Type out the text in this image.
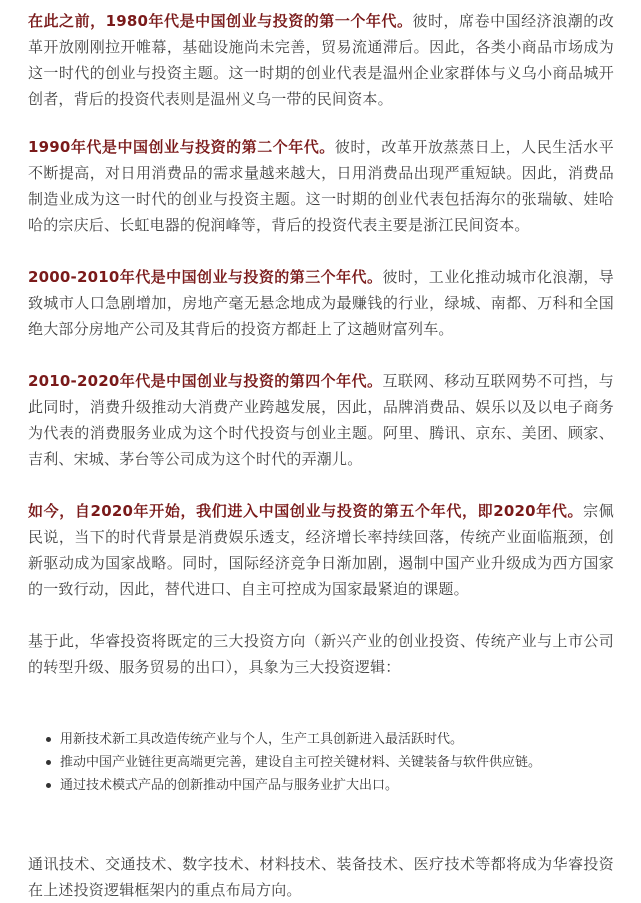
在此之前，1980年代是中国创业与投资的第一个年代。彼时，席卷中国经济浪潮的改革开放刚刚拉开帷幕，基础设施尚未完善，贸易流通滞后。因此，各类小商品市场成为这一时代的创业与投资主题。这一时期的创业代表是温州企业家群体与义乌小商品城开创者，背后的投资代表则是温州义乌一带的民间资本。

1990年代是中国创业与投资的第二个年代。彼时，改革开放蒸蒸日上，人民生活水平不断提高，对日用消费品的需求量越来越大，日用消费品出现严重短缺。因此，消费品制造业成为这一时代的创业与投资主题。这一时期的创业代表包括海尔的张瑞敏、娃哈哈的宗庆后、长虹电器的倪润峰等，背后的投资代表主要是浙江民间资本。

2000-2010年代是中国创业与投资的第三个年代。彼时，工业化推动城市化浪潮，导致城市人口急剧增加，房地产毫无悬念地成为最赚钱的行业，绿城、南都、万科和全国绝大部分房地产公司及其背后的投资方都赶上了这趟财富列车。

2010-2020年代是中国创业与投资的第四个年代。互联网、移动互联网势不可挡，与此同时，消费升级推动大消费产业跨越发展，因此，品牌消费品、娱乐以及以电子商务为代表的消费服务业成为这个时代投资与创业主题。阿里、腾讯、京东、美团、顾家、吉利、宋城、茅台等公司成为这个时代的弄潮儿。

如今，自2020年开始，我们进入中国创业与投资的第五个年代，即2020年代。宗佩民说，当下的时代背景是消费娱乐透支，经济增长率持续回落，传统产业面临瓶颈，创新驱动成为国家战略。同时，国际经济竞争日渐加剧，遏制中国产业升级成为西方国家的一致行动，因此，替代进口、自主可控成为国家最紧迫的课题。

基于此，华睿投资将既定的三大投资方向（新兴产业的创业投资、传统产业与上市公司的转型升级、服务贸易的出口），具象为三大投资逻辑：

用新技术新工具改造传统产业与个人，生产工具创新进入最活跃时代。
推动中国产业链往更高端更完善，建设自主可控关键材料、关键装备与软件供应链。
通过技术模式产品的创新推动中国产品与服务业扩大出口。

通讯技术、交通技术、数字技术、材料技术、装备技术、医疗技术等都将成为华睿投资在上述投资逻辑框架内的重点布局方向。
